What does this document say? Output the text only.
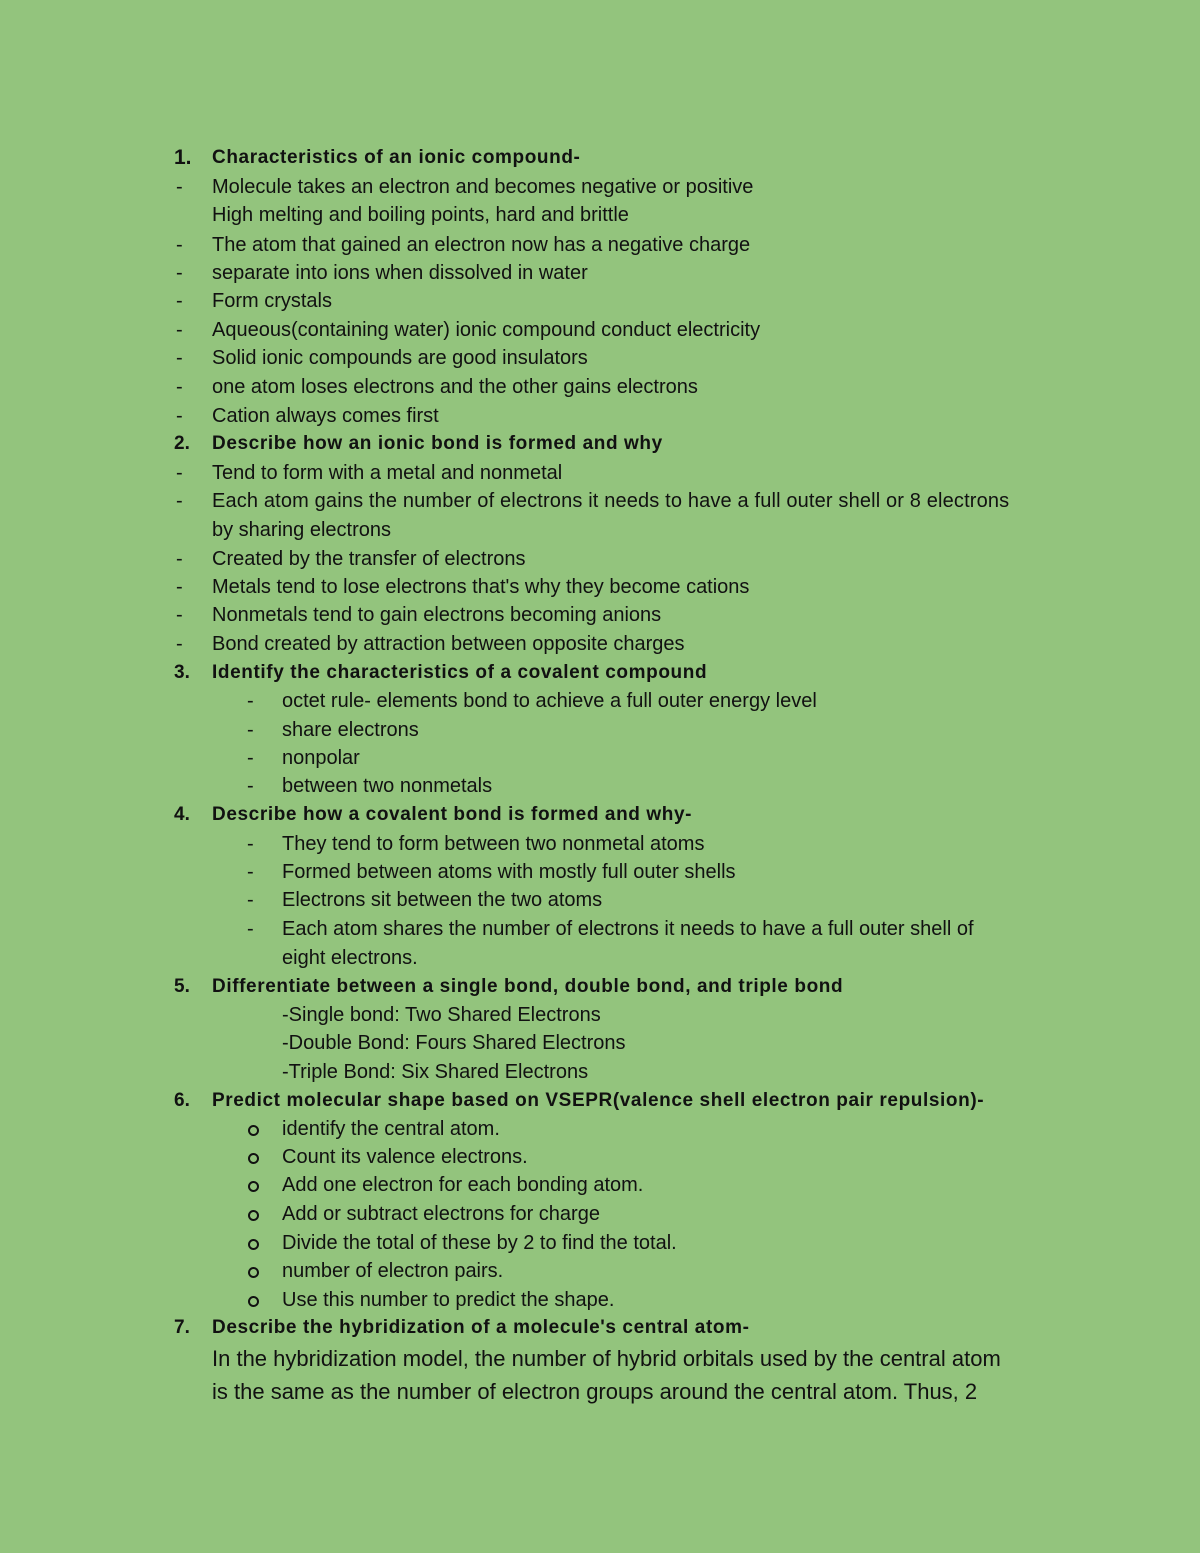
1.	Characteristics of an ionic compound-
- Molecule takes an electron and becomes negative or positive
High melting and boiling points, hard and brittle
- The atom that gained an electron now has a negative charge
- separate into ions when dissolved in water
- Form crystals
- Aqueous(containing water) ionic compound conduct electricity
- Solid ionic compounds are good insulators
- one atom loses electrons and the other gains electrons
- Cation always comes first
2.	Describe how an ionic bond is formed and why
- Tend to form with a metal and nonmetal
- Each atom gains the number of electrons it needs to have a full outer shell or 8 electrons
by sharing electrons
- Created by the transfer of electrons
- Metals tend to lose electrons that's why they become cations
- Nonmetals tend to gain electrons becoming anions
- Bond created by attraction between opposite charges
3.	Identify the characteristics of a covalent compound
- octet rule- elements bond to achieve a full outer energy level
- share electrons
- nonpolar
- between two nonmetals
4.	Describe how a covalent bond is formed and why-
- They tend to form between two nonmetal atoms
- Formed between atoms with mostly full outer shells
- Electrons sit between the two atoms
- Each atom shares the number of electrons it needs to have a full outer shell of
eight electrons.
5.	Differentiate between a single bond, double bond, and triple bond
-Single bond: Two Shared Electrons
-Double Bond: Fours Shared Electrons
-Triple Bond: Six Shared Electrons
6.	Predict molecular shape based on VSEPR(valence shell electron pair repulsion)-
identify the central atom.
Count its valence electrons.
Add one electron for each bonding atom.
Add or subtract electrons for charge
Divide the total of these by 2 to find the total.
number of electron pairs.
Use this number to predict the shape.
7.	Describe the hybridization of a molecule's central atom-
In the hybridization model, the number of hybrid orbitals used by the central atom
is the same as the number of electron groups around the central atom. Thus, 2
